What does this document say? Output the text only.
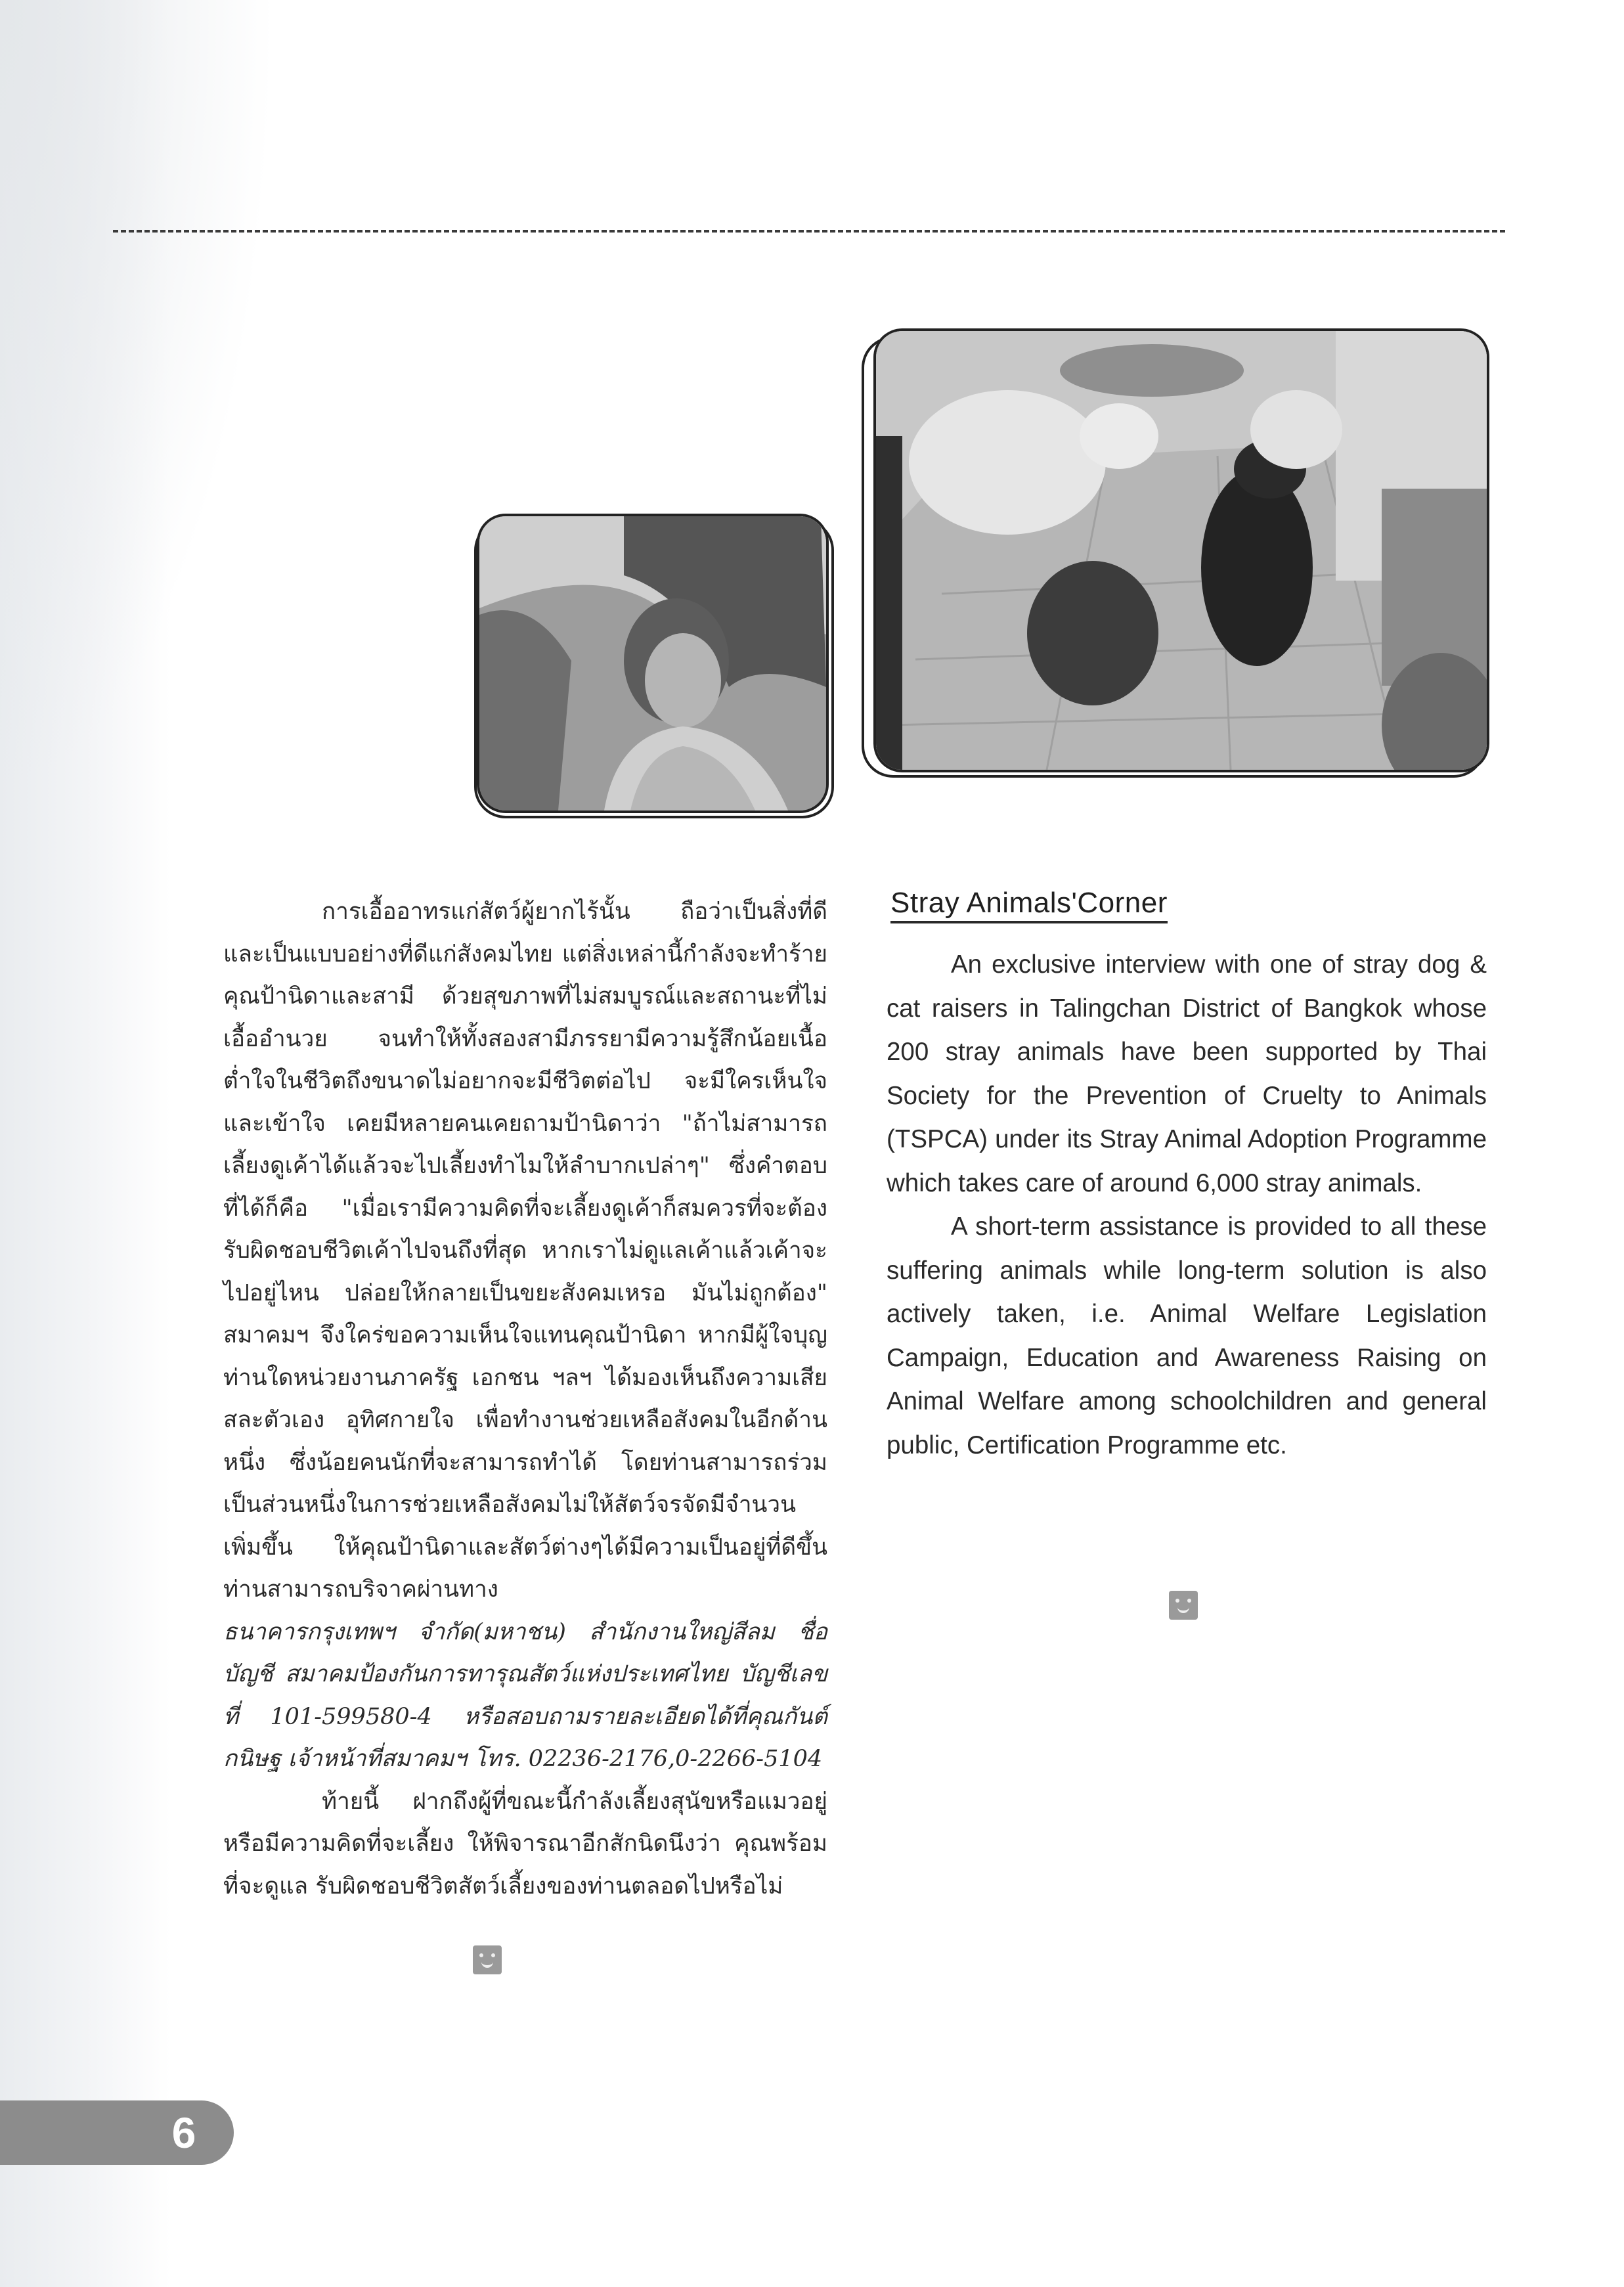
การเอื้ออาทรแก่สัตว์ผู้ยากไร้นั้น ถือว่าเป็นสิ่งที่ดี และเป็นแบบอย่างที่ดีแก่สังคมไทย แต่สิ่งเหล่านี้กำลังจะทำร้ายคุณป้านิดาและสามี ด้วยสุขภาพที่ไม่สมบูรณ์และสถานะที่ไม่เอื้ออำนวย จนทำให้ทั้งสองสามีภรรยามีความรู้สึกน้อยเนื้อต่ำใจในชีวิตถึงขนาดไม่อยากจะมีชีวิตต่อไป จะมีใครเห็นใจและเข้าใจ เคยมีหลายคนเคยถามป้านิดาว่า "ถ้าไม่สามารถเลี้ยงดูเค้าได้แล้วจะไปเลี้ยงทำไมให้ลำบากเปล่าๆ" ซึ่งคำตอบที่ได้ก็คือ "เมื่อเรามีความคิดที่จะเลี้ยงดูเค้าก็สมควรที่จะต้องรับผิดชอบชีวิตเค้าไปจนถึงที่สุด หากเราไม่ดูแลเค้าแล้วเค้าจะไปอยู่ไหน ปล่อยให้กลายเป็นขยะสังคมเหรอ มันไม่ถูกต้อง" สมาคมฯ จึงใคร่ขอความเห็นใจแทนคุณป้านิดา หากมีผู้ใจบุญท่านใดหน่วยงานภาครัฐ เอกชน ฯลฯ ได้มองเห็นถึงความเสียสละตัวเอง อุทิศกายใจ เพื่อทำงานช่วยเหลือสังคมในอีกด้านหนึ่ง ซึ่งน้อยคนนักที่จะสามารถทำได้ โดยท่านสามารถร่วมเป็นส่วนหนึ่งในการช่วยเหลือสังคมไม่ให้สัตว์จรจัดมีจำนวนเพิ่มขึ้น ให้คุณป้านิดาและสัตว์ต่างๆได้มีความเป็นอยู่ที่ดีขึ้น ท่านสามารถบริจาคผ่านทาง

ธนาคารกรุงเทพฯ จำกัด(มหาชน) สำนักงานใหญ่สีลม ชื่อบัญชี สมาคมป้องกันการทารุณสัตว์แห่งประเทศไทย บัญชีเลขที่ 101-599580-4 หรือสอบถามรายละเอียดได้ที่คุณกันต์กนิษฐ เจ้าหน้าที่สมาคมฯ โทร. 02236-2176,0-2266-5104

ท้ายนี้ ฝากถึงผู้ที่ขณะนี้กำลังเลี้ยงสุนัขหรือแมวอยู่หรือมีความคิดที่จะเลี้ยง ให้พิจารณาอีกสักนิดนึงว่า คุณพร้อมที่จะดูแล รับผิดชอบชีวิตสัตว์เลี้ยงของท่านตลอดไปหรือไม่

Stray Animals'Corner

An exclusive interview with one of stray dog & cat raisers in Talingchan District of Bangkok whose 200 stray animals have been supported by Thai Society for the Prevention of Cruelty to Animals (TSPCA) under its Stray Animal Adoption Programme which takes care of around 6,000 stray animals.

A short-term assistance is provided to all these suffering animals while long-term solution is also actively taken, i.e. Animal Welfare Legislation Campaign, Education and Awareness Raising on Animal Welfare among schoolchildren and general public, Certification Programme etc.

6
